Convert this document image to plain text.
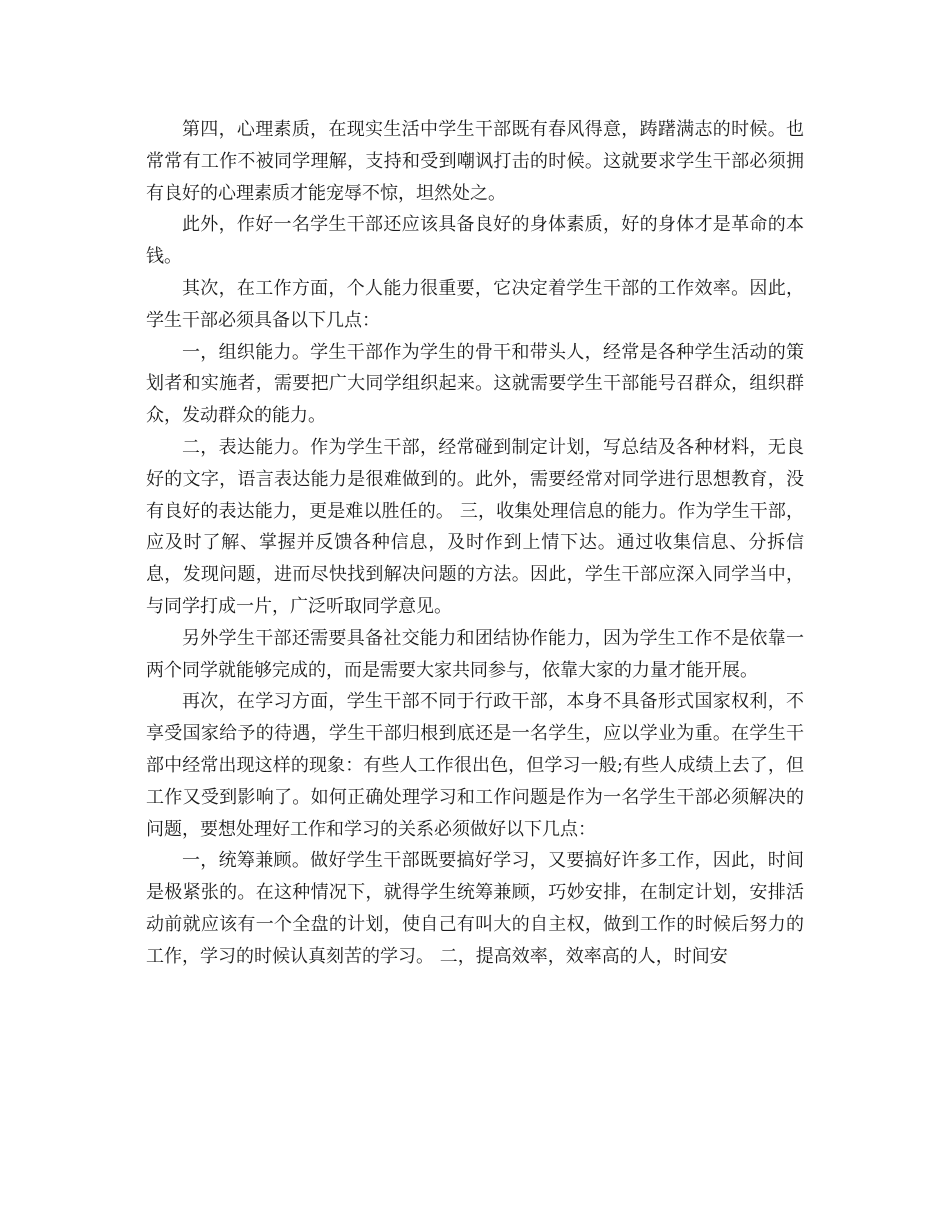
第四，心理素质，在现实生活中学生干部既有春风得意，踌躇满志的时候。也常常有工作不被同学理解，支持和受到嘲讽打击的时候。这就要求学生干部必须拥有良好的心理素质才能宠辱不惊，坦然处之。

此外，作好一名学生干部还应该具备良好的身体素质，好的身体才是革命的本钱。

其次，在工作方面，个人能力很重要，它决定着学生干部的工作效率。因此，学生干部必须具备以下几点：

一，组织能力。学生干部作为学生的骨干和带头人，经常是各种学生活动的策划者和实施者，需要把广大同学组织起来。这就需要学生干部能号召群众，组织群众，发动群众的能力。

二，表达能力。作为学生干部，经常碰到制定计划，写总结及各种材料，无良好的文字，语言表达能力是很难做到的。此外，需要经常对同学进行思想教育，没有良好的表达能力，更是难以胜任的。 三，收集处理信息的能力。作为学生干部，应及时了解、掌握并反馈各种信息，及时作到上情下达。通过收集信息、分拆信息，发现问题，进而尽快找到解决问题的方法。因此，学生干部应深入同学当中，与同学打成一片，广泛听取同学意见。

另外学生干部还需要具备社交能力和团结协作能力，因为学生工作不是依靠一两个同学就能够完成的，而是需要大家共同参与，依靠大家的力量才能开展。

再次，在学习方面，学生干部不同于行政干部，本身不具备形式国家权利，不享受国家给予的待遇，学生干部归根到底还是一名学生，应以学业为重。在学生干部中经常出现这样的现象：有些人工作很出色，但学习一般;有些人成绩上去了，但工作又受到影响了。如何正确处理学习和工作问题是作为一名学生干部必须解决的问题，要想处理好工作和学习的关系必须做好以下几点：

一，统筹兼顾。做好学生干部既要搞好学习，又要搞好许多工作，因此，时间是极紧张的。在这种情况下，就得学生统筹兼顾，巧妙安排，在制定计划，安排活动前就应该有一个全盘的计划，使自己有叫大的自主权，做到工作的时候后努力的工作，学习的时候认真刻苦的学习。 二，提高效率，效率高的人，时间安
